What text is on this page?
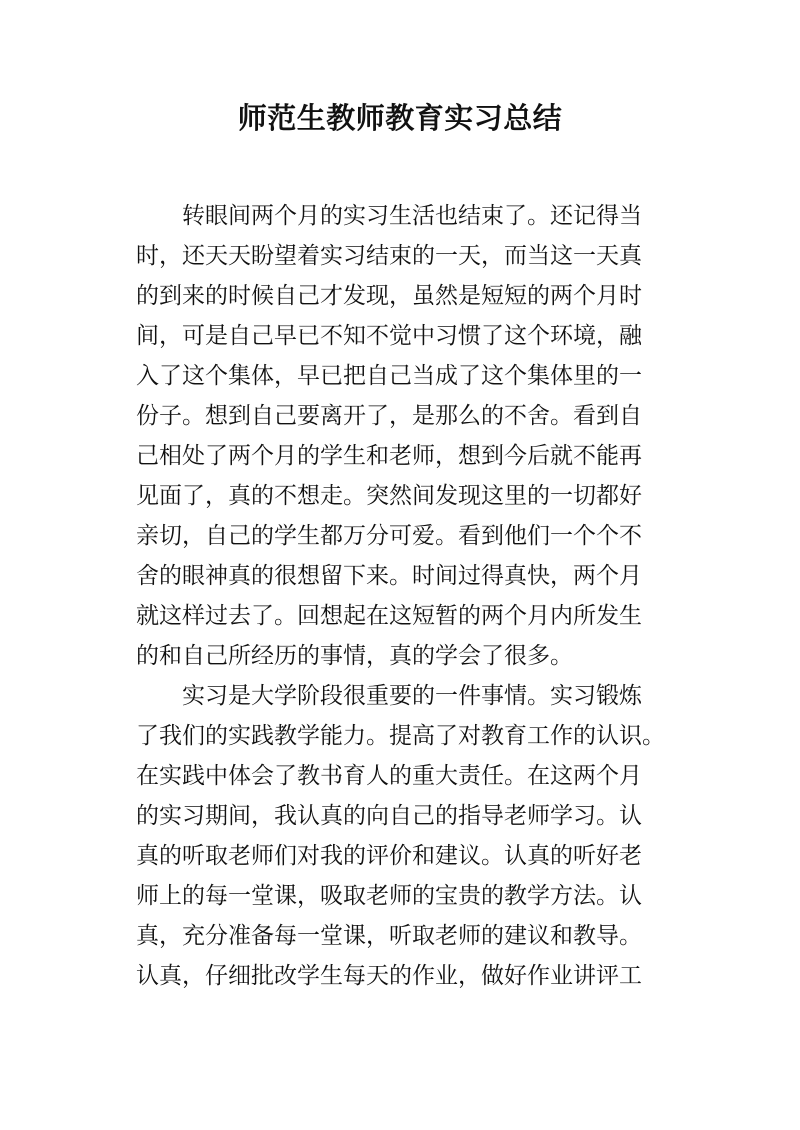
师范生教师教育实习总结
　　转眼间两个月的实习生活也结束了。还记得当
时，还天天盼望着实习结束的一天，而当这一天真
的到来的时候自己才发现，虽然是短短的两个月时
间，可是自己早已不知不觉中习惯了这个环境，融
入了这个集体，早已把自己当成了这个集体里的一
份子。想到自己要离开了，是那么的不舍。看到自
己相处了两个月的学生和老师，想到今后就不能再
见面了，真的不想走。突然间发现这里的一切都好
亲切，自己的学生都万分可爱。看到他们一个个不
舍的眼神真的很想留下来。时间过得真快，两个月
就这样过去了。回想起在这短暂的两个月内所发生
的和自己所经历的事情，真的学会了很多。
　　实习是大学阶段很重要的一件事情。实习锻炼
了我们的实践教学能力。提高了对教育工作的认识。
在实践中体会了教书育人的重大责任。在这两个月
的实习期间，我认真的向自己的指导老师学习。认
真的听取老师们对我的评价和建议。认真的听好老
师上的每一堂课，吸取老师的宝贵的教学方法。认
真，充分准备每一堂课，听取老师的建议和教导。
认真，仔细批改学生每天的作业，做好作业讲评工
